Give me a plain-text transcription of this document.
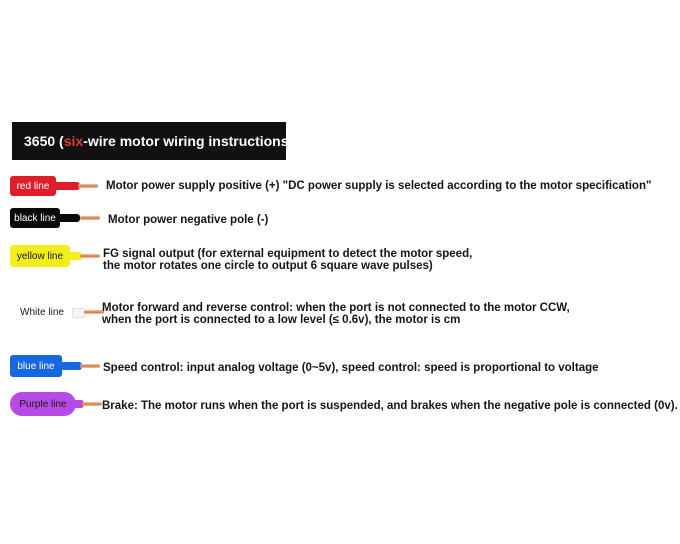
3650 ( six -wire motor wiring instructions)
red line	Motor power supply positive (+) "DC power supply is selected according to the motor specification"
black line	Motor power negative pole (-)
yellow line	FG signal output (for external equipment to detect the motor speed,
the motor rotates one circle to output 6 square wave pulses)
White line	Motor forward and reverse control: when the port is not connected to the motor CCW,
when the port is connected to a low level (≤ 0.6v), the motor is cm
blue line	Speed control: input analog voltage (0~5v), speed control: speed is proportional to voltage
Purple line	Brake: The motor runs when the port is suspended, and brakes when the negative pole is connected (0v).
